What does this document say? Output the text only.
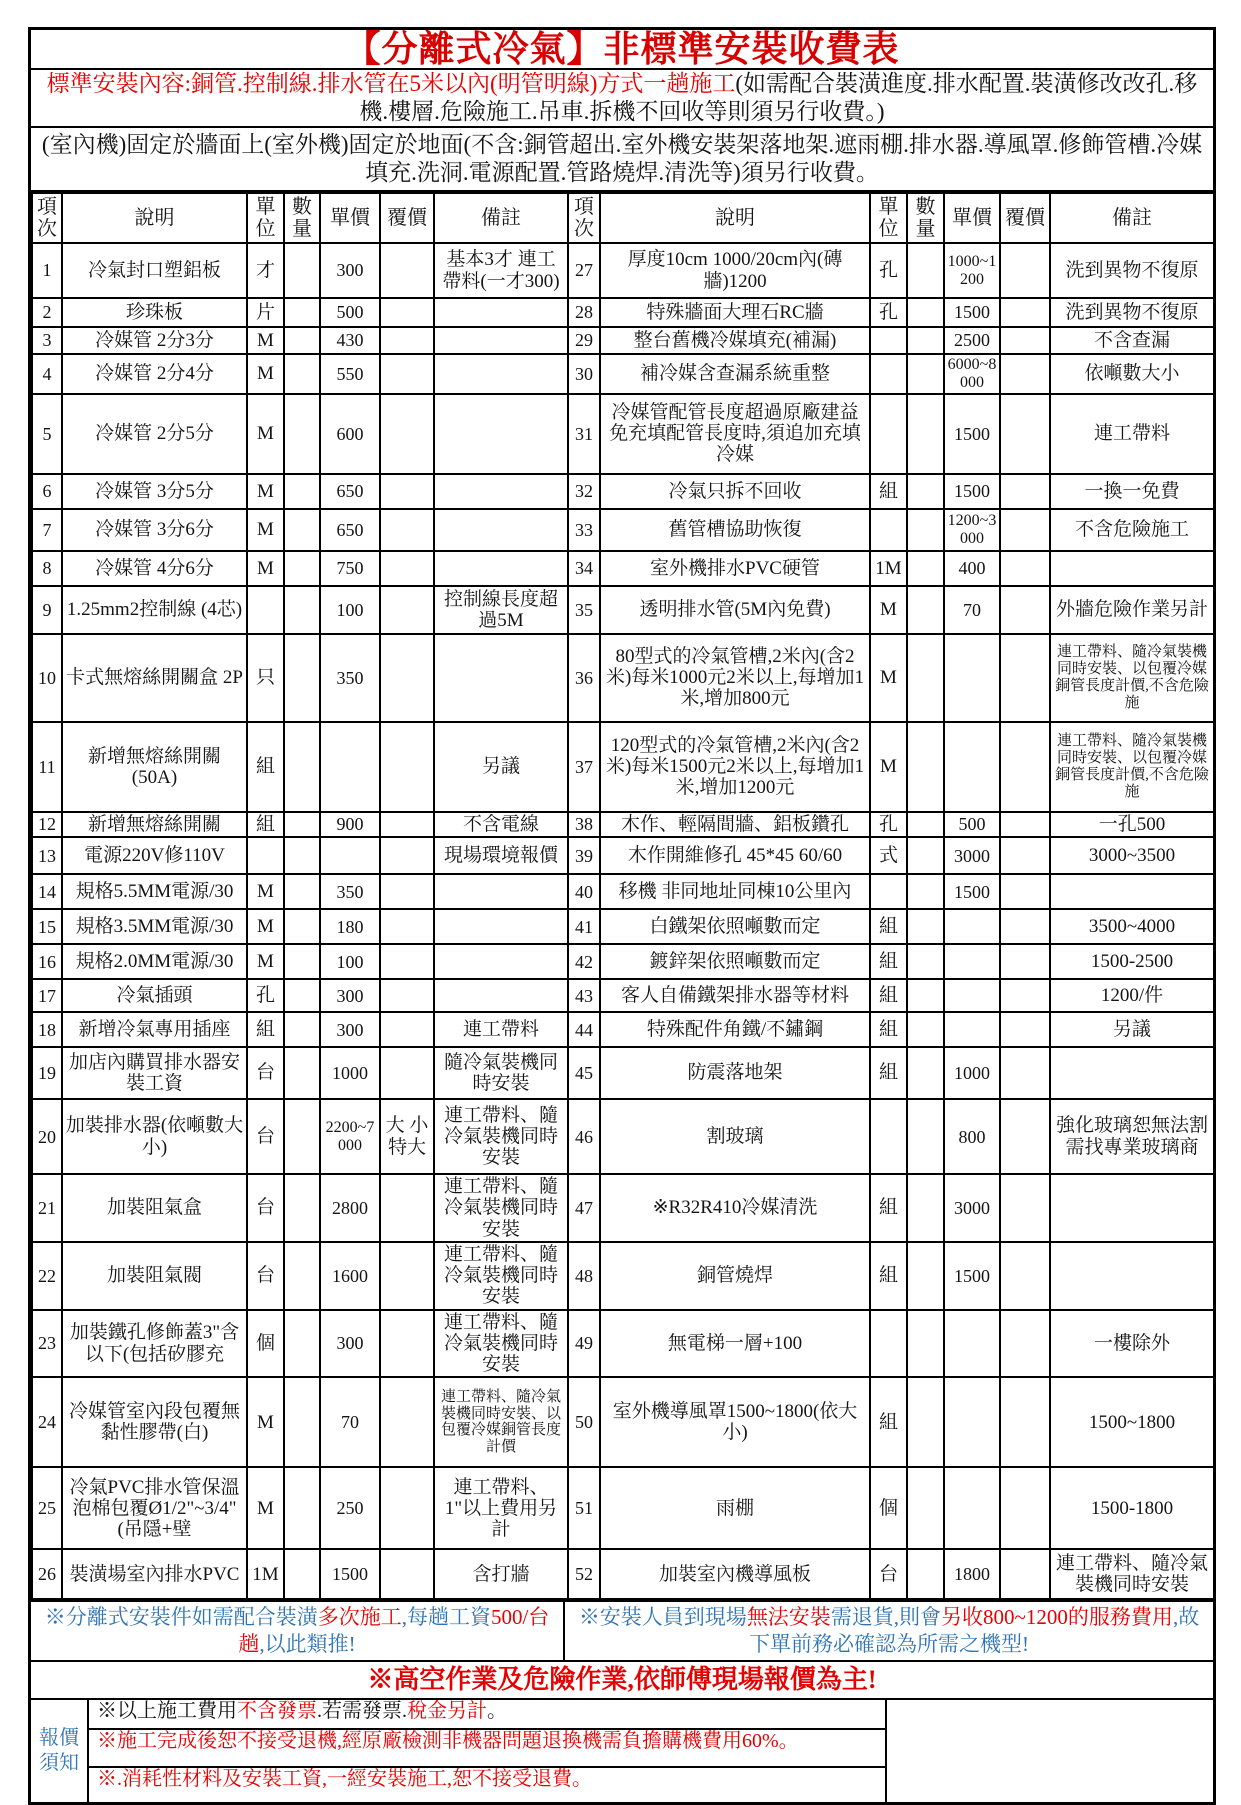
【分離式冷氣】非標準安裝收費表
標準安裝內容:銅管.控制線.排水管在5米以內(明管明線)方式一趟施工(如需配合裝潢進度.排水配置.裝潢修改改孔.移機.樓層.危險施工.吊車.拆機不回收等則須另行收費。)
(室內機)固定於牆面上(室外機)固定於地面(不含:銅管超出.室外機安裝架落地架.遮雨棚.排水器.導風罩.修飾管槽.冷媒填充.洗洞.電源配置.管路燒焊.清洗等)須另行收費。
項次	說明	單位	數量	單價	覆價	備註	項次	說明	單位	數量	單價	覆價	備註
1	冷氣封口塑鋁板	才		300		基本3才 連工帶料(一才300)	27	厚度10cm 1000/20cm內(磚牆)1200	孔		1000~1200		洗到異物不復原
2	珍珠板	片		500			28	特殊牆面大理石RC牆	孔		1500		洗到異物不復原
3	冷媒管 2分3分	M		430			29	整台舊機冷媒填充(補漏)			2500		不含查漏
4	冷媒管 2分4分	M		550			30	補冷媒含查漏系統重整			6000~8000		依噸數大小
5	冷媒管 2分5分	M		600			31	冷媒管配管長度超過原廠建益免充填配管長度時,須追加充填冷媒			1500		連工帶料
6	冷媒管 3分5分	M		650			32	冷氣只拆不回收	組		1500		一換一免費
7	冷媒管 3分6分	M		650			33	舊管槽協助恢復			1200~3000		不含危險施工
8	冷媒管 4分6分	M		750			34	室外機排水PVC硬管	1M		400		
9	1.25mm2控制線 (4芯)			100		控制線長度超過5M	35	透明排水管(5M內免費)	M		70		外牆危險作業另計
10	卡式無熔絲開關盒 2P	只		350			36	80型式的冷氣管槽,2米內(含2米)每米1000元2米以上,每增加1米,增加800元	M				連工帶料、隨冷氣裝機同時安裝、以包覆冷媒銅管長度計價,不含危險施
11	新增無熔絲開關 (50A)	組				另議	37	120型式的冷氣管槽,2米內(含2米)每米1500元2米以上,每增加1米,增加1200元	M				連工帶料、隨冷氣裝機同時安裝、以包覆冷媒銅管長度計價,不含危險施
12	新增無熔絲開關	組		900		不含電線	38	木作、輕隔間牆、鋁板鑽孔	孔		500		一孔500
13	電源220V修110V					現場環境報價	39	木作開維修孔 45*45 60/60	式		3000		3000~3500
14	規格5.5MM電源/30	M		350			40	移機 非同地址同棟10公里內			1500		
15	規格3.5MM電源/30	M		180			41	白鐵架依照噸數而定	組				3500~4000
16	規格2.0MM電源/30	M		100			42	鍍鋅架依照噸數而定	組				1500-2500
17	冷氣插頭	孔		300			43	客人自備鐵架排水器等材料	組				1200/件
18	新增冷氣專用插座	組		300		連工帶料	44	特殊配件角鐵/不鏽鋼	組				另議
19	加店內購買排水器安裝工資	台		1000		隨冷氣裝機同時安裝	45	防震落地架	組		1000		
20	加裝排水器(依噸數大小)	台		2200~7000	大 小特大	連工帶料、隨冷氣裝機同時安裝	46	割玻璃			800		強化玻璃恕無法割需找專業玻璃商
21	加裝阻氣盒	台		2800		連工帶料、隨冷氣裝機同時安裝	47	※R32R410冷媒清洗	組		3000		
22	加裝阻氣閥	台		1600		連工帶料、隨冷氣裝機同時安裝	48	銅管燒焊	組		1500		
23	加裝鐵孔修飾蓋3"含以下(包括矽膠充	個		300		連工帶料、隨冷氣裝機同時安裝	49	無電梯一層+100					一樓除外
24	冷媒管室內段包覆無黏性膠帶(白)	M		70		連工帶料、隨冷氣裝機同時安裝、以包覆冷媒銅管長度計價	50	室外機導風罩1500~1800(依大小)	組				1500~1800
25	冷氣PVC排水管保溫泡棉包覆Ø1/2"~3/4"(吊隱+壁	M		250		連工帶料、1"以上費用另計	51	雨棚	個				1500-1800
26	裝潢場室內排水PVC	1M		1500		含打牆	52	加裝室內機導風板	台		1800		連工帶料、隨冷氣裝機同時安裝
※分離式安裝件如需配合裝潢多次施工,每趟工資500/台趟,以此類推!
※安裝人員到現場無法安裝需退貨,則會另收800~1200的服務費用,故下單前務必確認為所需之機型!
※高空作業及危險作業,依師傅現場報價為主!
報價須知
※以上施工費用不含發票.若需發票.稅金另計。
※施工完成後恕不接受退機,經原廠檢測非機器問題退換機需負擔購機費用60%。
※.消耗性材料及安裝工資,一經安裝施工,恕不接受退費。
